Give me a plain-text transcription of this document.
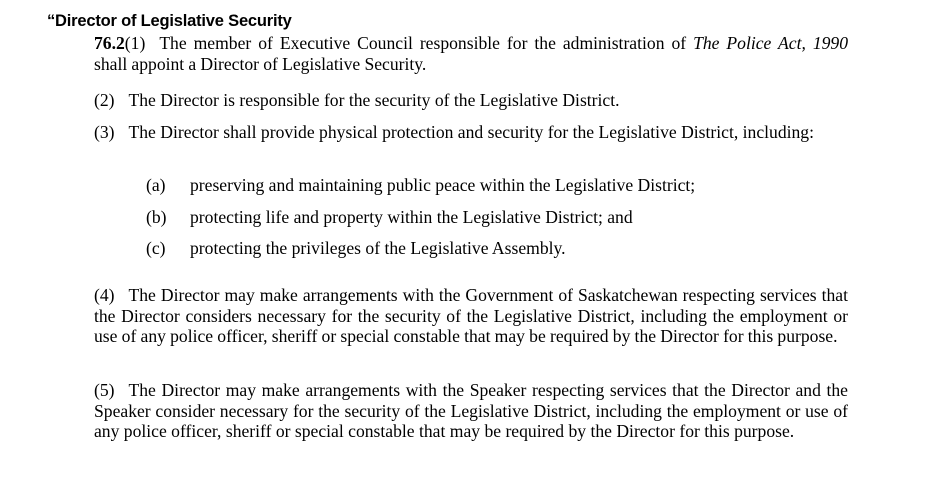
“Director of Legislative Security

76.2(1) The member of Executive Council responsible for the administration of The Police Act, 1990 shall appoint a Director of Legislative Security.

(2) The Director is responsible for the security of the Legislative District.

(3) The Director shall provide physical protection and security for the Legislative District, including:

(a)	preserving and maintaining public peace within the Legislative District;
(b)	protecting life and property within the Legislative District; and
(c)	protecting the privileges of the Legislative Assembly.

(4) The Director may make arrangements with the Government of Saskatchewan respecting services that the Director considers necessary for the security of the Legislative District, including the employment or use of any police officer, sheriff or special constable that may be required by the Director for this purpose.

(5) The Director may make arrangements with the Speaker respecting services that the Director and the Speaker consider necessary for the security of the Legislative District, including the employment or use of any police officer, sheriff or special constable that may be required by the Director for this purpose.
